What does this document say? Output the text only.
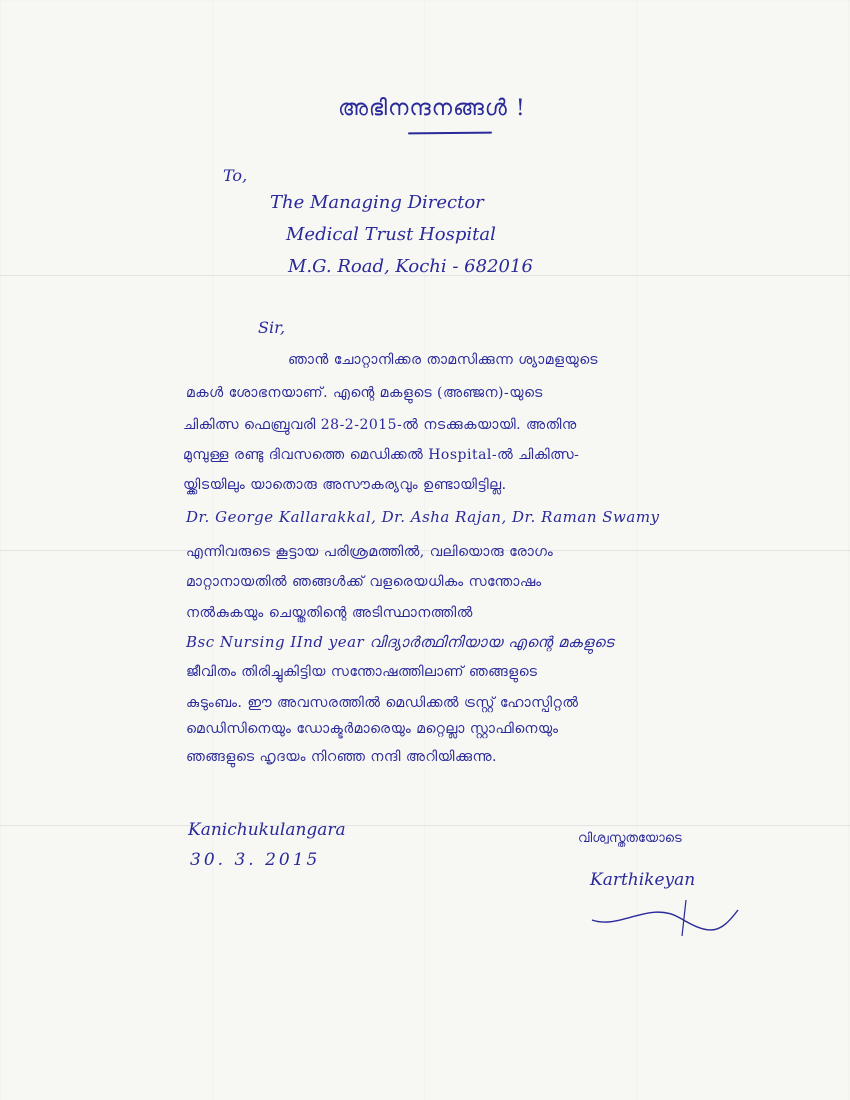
അഭിനന്ദനങ്ങൾ !
To,
The Managing Director
Medical Trust Hospital
M.G. Road, Kochi - 682016
Sir,
ഞാൻ ചോറ്റാനിക്കര താമസിക്കുന്ന ശ്യാമളയുടെ
മകൾ ശോഭനയാണ്. എന്റെ മകളുടെ (അഞ്ജന)-യുടെ
ചികിത്സ ഫെബ്രുവരി 28-2-2015-ൽ നടക്കുകയായി. അതിനു
മുമ്പുള്ള രണ്ടു ദിവസത്തെ മെഡിക്കൽ Hospital-ൽ ചികിത്സ-
യ്ക്കിടയിലും യാതൊരു അസൗകര്യവും ഉണ്ടായിട്ടില്ല.
Dr. George Kallarakkal, Dr. Asha Rajan, Dr. Raman Swamy
എന്നിവരുടെ കൂട്ടായ പരിശ്രമത്തിൽ, വലിയൊരു രോഗം
മാറ്റാനായതിൽ ഞങ്ങൾക്ക് വളരെയധികം സന്തോഷം
നൽകുകയും ചെയ്തതിന്റെ അടിസ്ഥാനത്തിൽ
Bsc Nursing IInd year വിദ്യാർത്ഥിനിയായ എന്റെ മകളുടെ
ജീവിതം തിരിച്ചുകിട്ടിയ സന്തോഷത്തിലാണ് ഞങ്ങളുടെ
കുടുംബം. ഈ അവസരത്തിൽ മെഡിക്കൽ ട്രസ്റ്റ് ഹോസ്പിറ്റൽ
മെഡിസിനെയും ഡോക്ടർമാരെയും മറ്റെല്ലാ സ്റ്റാഫിനെയും
ഞങ്ങളുടെ ഹൃദയം നിറഞ്ഞ നന്ദി അറിയിക്കുന്നു.
Kanichukulangara
30. 3. 2015
വിശ്വസ്തതയോടെ
Karthikeyan
